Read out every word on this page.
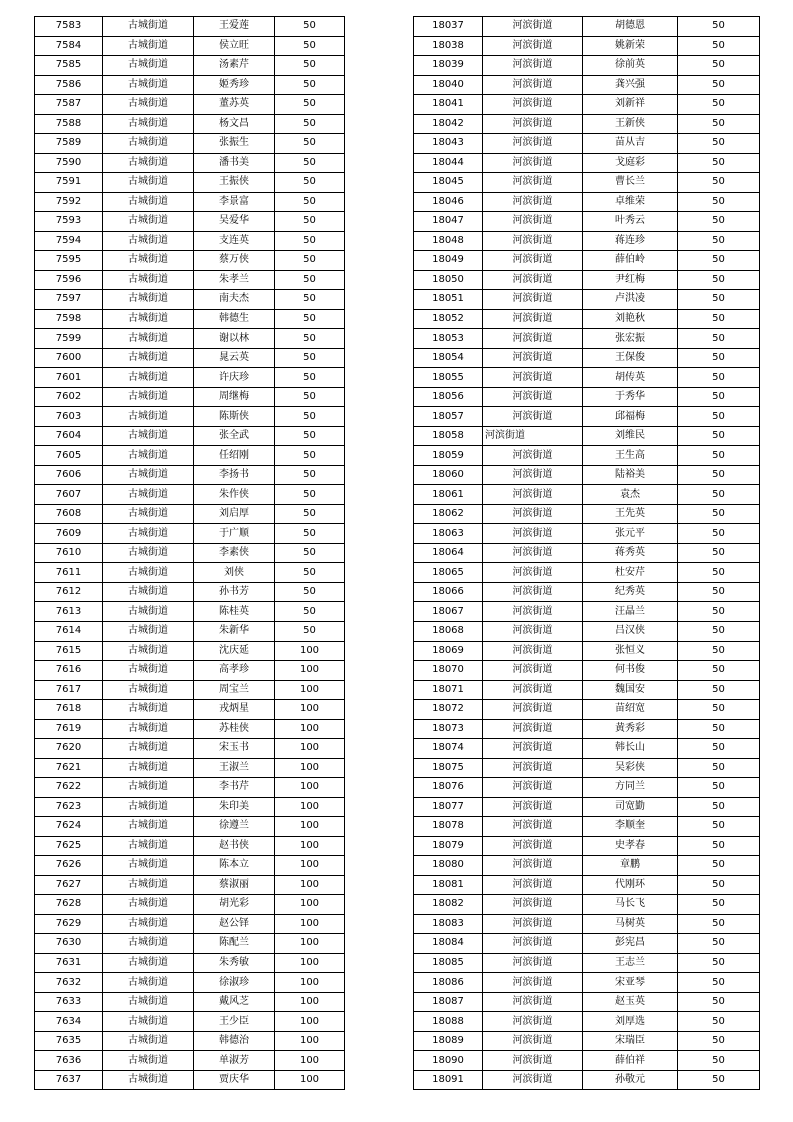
7583	古城街道	王爱莲	50
7584	古城街道	侯立旺	50
7585	古城街道	汤素芹	50
7586	古城街道	姬秀珍	50
7587	古城街道	董苏英	50
7588	古城街道	杨文昌	50
7589	古城街道	张振生	50
7590	古城街道	潘书美	50
7591	古城街道	王振侠	50
7592	古城街道	李景富	50
7593	古城街道	吴爱华	50
7594	古城街道	支连英	50
7595	古城街道	蔡万侠	50
7596	古城街道	朱孝兰	50
7597	古城街道	南夫杰	50
7598	古城街道	韩德生	50
7599	古城街道	谢以林	50
7600	古城街道	晁云英	50
7601	古城街道	许庆珍	50
7602	古城街道	周继梅	50
7603	古城街道	陈斯侠	50
7604	古城街道	张全武	50
7605	古城街道	任绍刚	50
7606	古城街道	李扬书	50
7607	古城街道	朱作侠	50
7608	古城街道	刘启厚	50
7609	古城街道	于广顺	50
7610	古城街道	李素侠	50
7611	古城街道	刘侠	50
7612	古城街道	孙书芳	50
7613	古城街道	陈桂英	50
7614	古城街道	朱新华	50
7615	古城街道	沈庆延	100
7616	古城街道	高孝珍	100
7617	古城街道	周宝兰	100
7618	古城街道	戎炳星	100
7619	古城街道	苏桂侠	100
7620	古城街道	宋玉书	100
7621	古城街道	王淑兰	100
7622	古城街道	李书芹	100
7623	古城街道	朱印美	100
7624	古城街道	徐遵兰	100
7625	古城街道	赵书侠	100
7626	古城街道	陈本立	100
7627	古城街道	蔡淑丽	100
7628	古城街道	胡光彩	100
7629	古城街道	赵公铎	100
7630	古城街道	陈配兰	100
7631	古城街道	朱秀敏	100
7632	古城街道	徐淑珍	100
7633	古城街道	戴风芝	100
7634	古城街道	王少臣	100
7635	古城街道	韩德治	100
7636	古城街道	单淑芳	100
7637	古城街道	贾庆华	100
18037	河滨街道	胡德恩	50
18038	河滨街道	姚新荣	50
18039	河滨街道	徐前英	50
18040	河滨街道	龚兴强	50
18041	河滨街道	刘新祥	50
18042	河滨街道	王新侠	50
18043	河滨街道	苗从吉	50
18044	河滨街道	戈庭彩	50
18045	河滨街道	曹长兰	50
18046	河滨街道	卓维荣	50
18047	河滨街道	叶秀云	50
18048	河滨街道	蒋连珍	50
18049	河滨街道	薛伯岭	50
18050	河滨街道	尹红梅	50
18051	河滨街道	卢洪凌	50
18052	河滨街道	刘艳秋	50
18053	河滨街道	张宏振	50
18054	河滨街道	王保俊	50
18055	河滨街道	胡传英	50
18056	河滨街道	于秀华	50
18057	河滨街道	邱福梅	50
18058	河滨街道	刘维民	50
18059	河滨街道	王生高	50
18060	河滨街道	陆裕美	50
18061	河滨街道	袁杰	50
18062	河滨街道	王先英	50
18063	河滨街道	张元平	50
18064	河滨街道	蒋秀英	50
18065	河滨街道	杜安芹	50
18066	河滨街道	纪秀英	50
18067	河滨街道	汪晶兰	50
18068	河滨街道	吕汉侠	50
18069	河滨街道	张恒义	50
18070	河滨街道	何书俊	50
18071	河滨街道	魏国安	50
18072	河滨街道	苗绍宽	50
18073	河滨街道	黄秀彩	50
18074	河滨街道	韩长山	50
18075	河滨街道	吴彩侠	50
18076	河滨街道	方同兰	50
18077	河滨街道	司宽勤	50
18078	河滨街道	李顺奎	50
18079	河滨街道	史孝春	50
18080	河滨街道	章鹏	50
18081	河滨街道	代刚环	50
18082	河滨街道	马长飞	50
18083	河滨街道	马树英	50
18084	河滨街道	彭宪昌	50
18085	河滨街道	王志兰	50
18086	河滨街道	宋亚琴	50
18087	河滨街道	赵玉英	50
18088	河滨街道	刘厚选	50
18089	河滨街道	宋瑞臣	50
18090	河滨街道	薛伯祥	50
18091	河滨街道	孙敬元	50
